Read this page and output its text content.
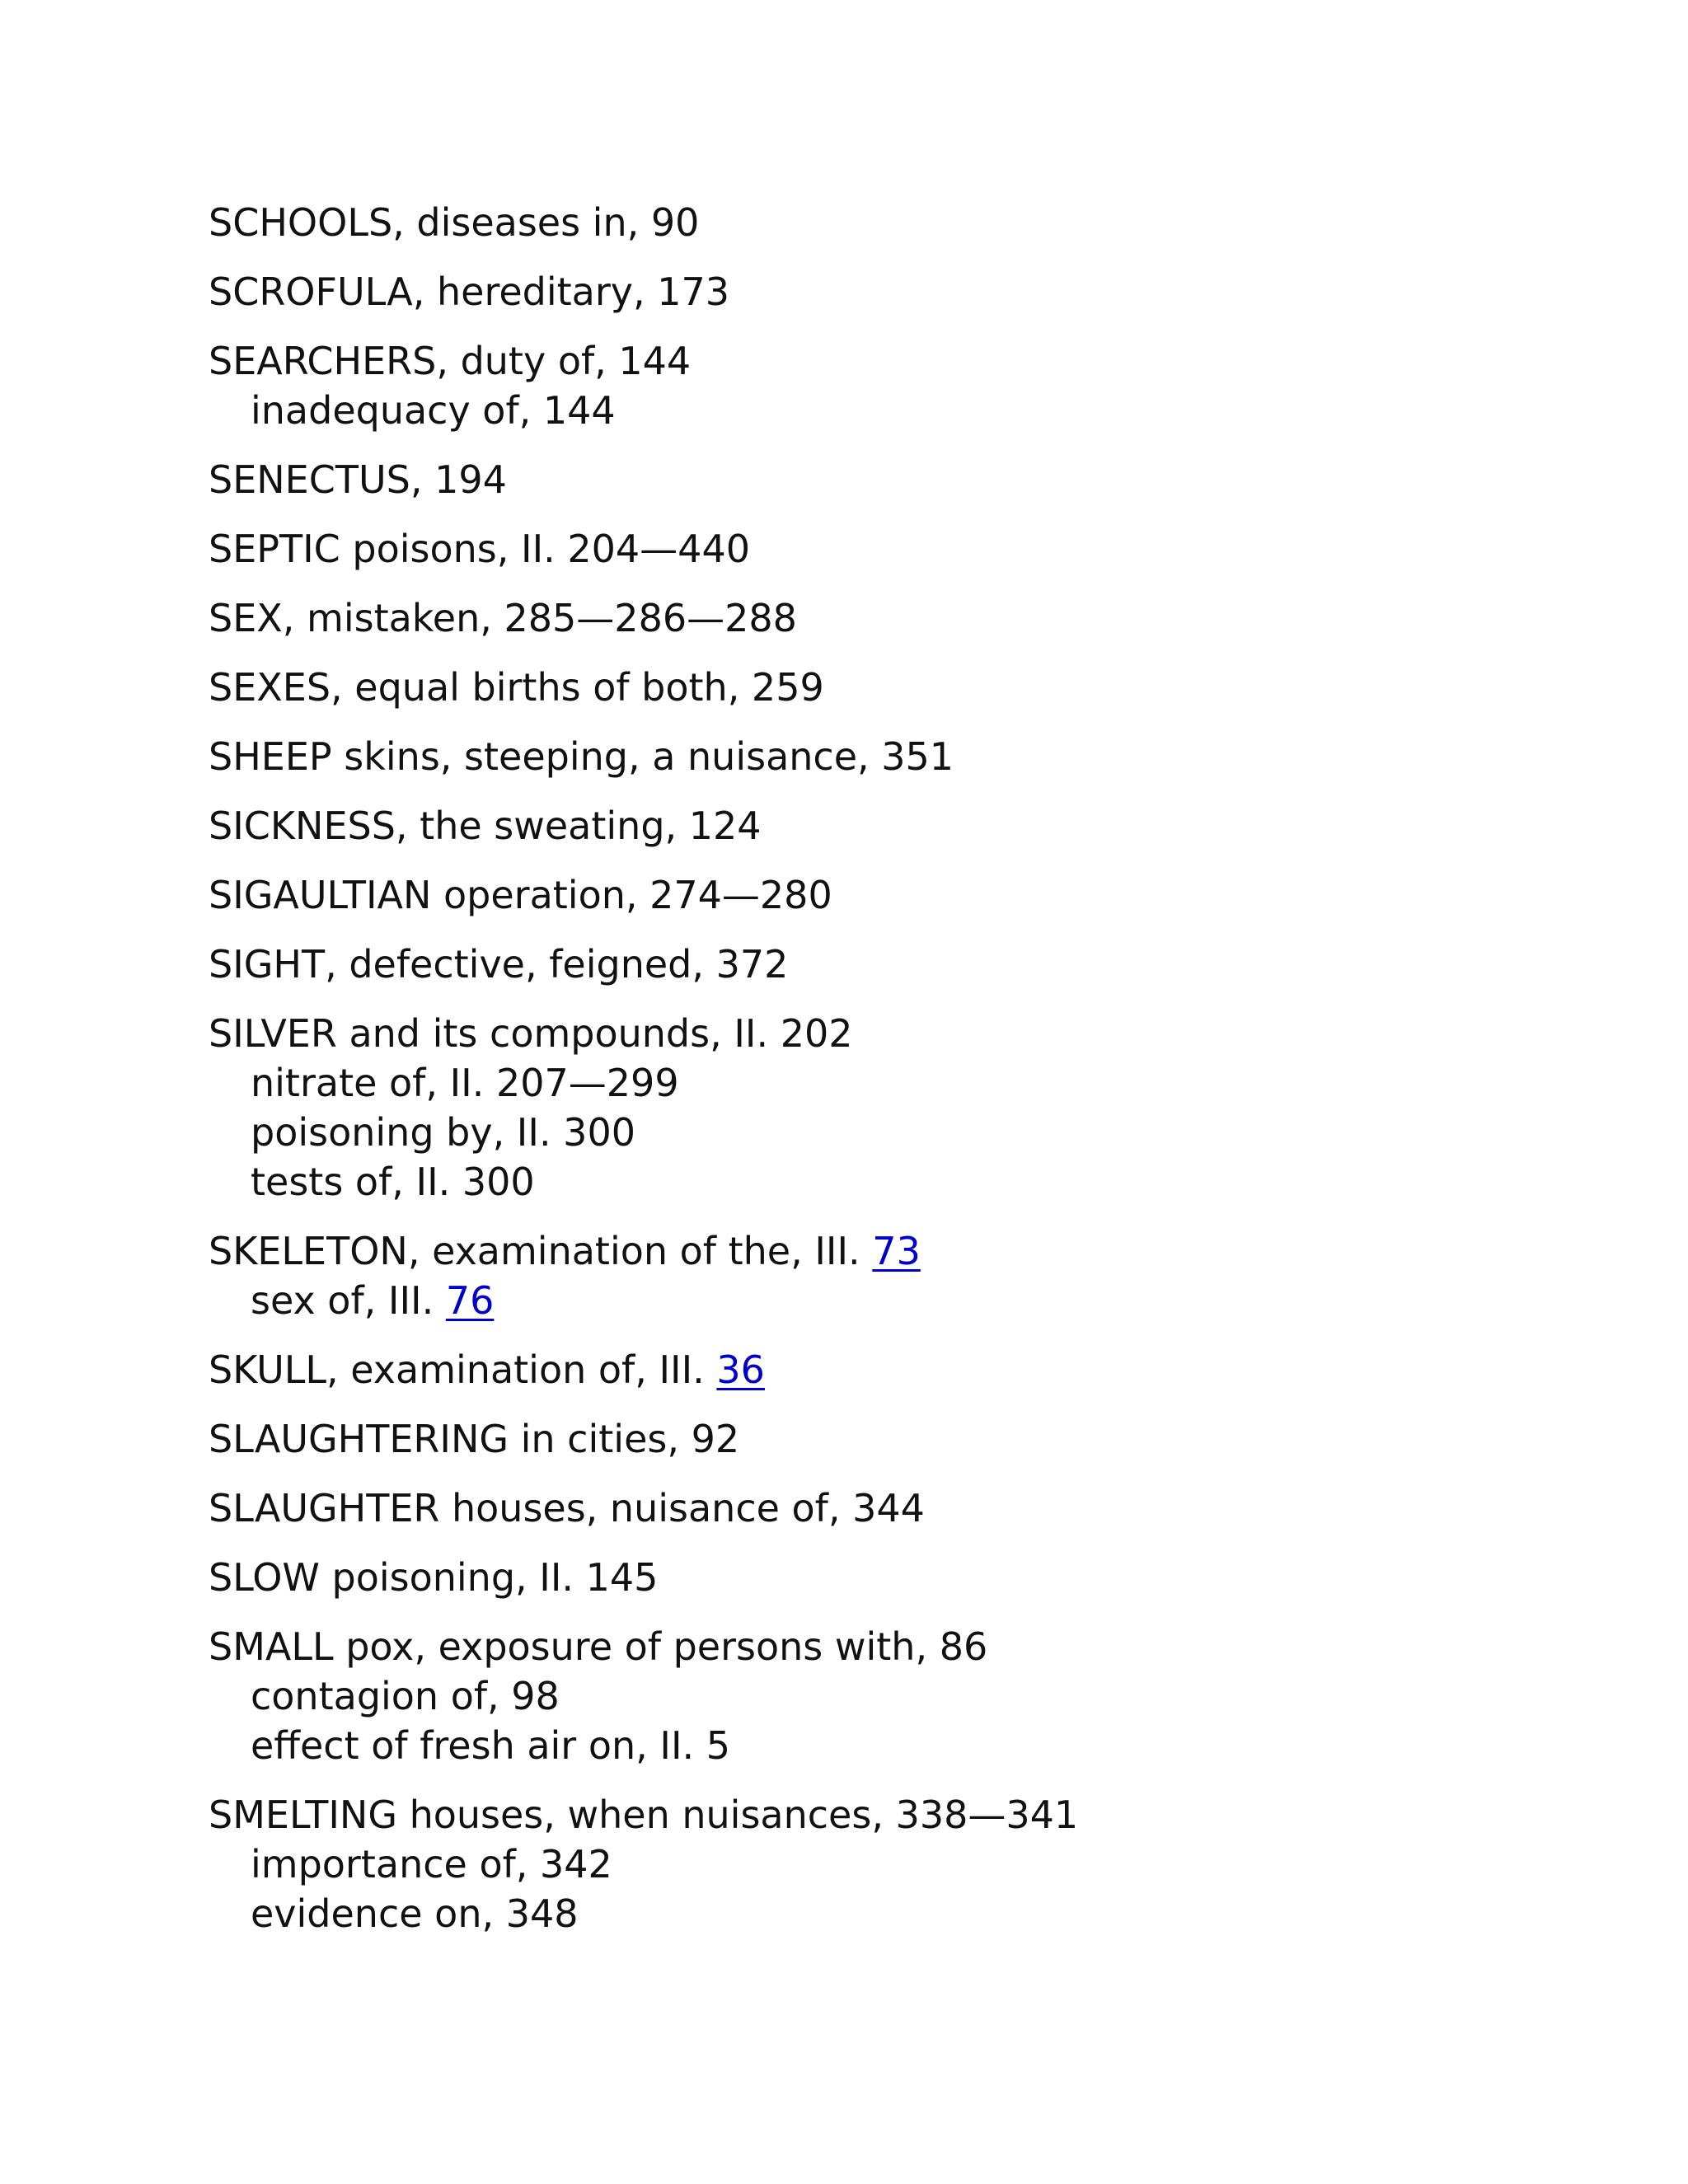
SCHOOLS, diseases in, 90
SCROFULA, hereditary, 173
SEARCHERS, duty of, 144
inadequacy of, 144
SENECTUS, 194
SEPTIC poisons, II. 204—440
SEX, mistaken, 285—286—288
SEXES, equal births of both, 259
SHEEP skins, steeping, a nuisance, 351
SICKNESS, the sweating, 124
SIGAULTIAN operation, 274—280
SIGHT, defective, feigned, 372
SILVER and its compounds, II. 202
nitrate of, II. 207—299
poisoning by, II. 300
tests of, II. 300
SKELETON, examination of the, III. 73
sex of, III. 76
SKULL, examination of, III. 36
SLAUGHTERING in cities, 92
SLAUGHTER houses, nuisance of, 344
SLOW poisoning, II. 145
SMALL pox, exposure of persons with, 86
contagion of, 98
effect of fresh air on, II. 5
SMELTING houses, when nuisances, 338—341
importance of, 342
evidence on, 348
